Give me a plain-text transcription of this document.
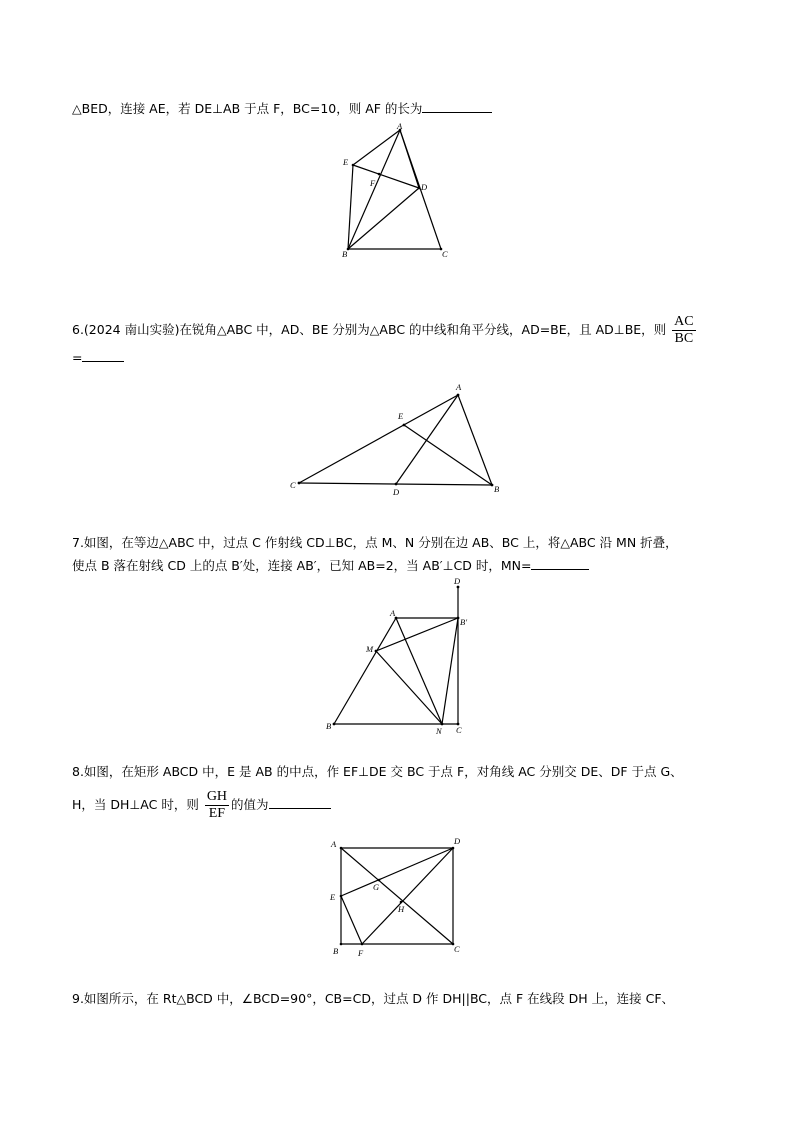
△BED，连接 AE，若 DE⊥AB 于点 F，BC=10，则 AF 的长为
A
E
F	D
B	C
6.(2024 南山实验)在锐角△ABC 中，AD、BE 分别为△ABC 的中线和角平分线，AD=BE，且 AD⊥BE，则 $\frac{AC}{BC}$
=
A
E
C
D	B
7.如图，在等边△ABC 中，过点 C 作射线 CD⊥BC，点 M、N 分别在边 AB、BC 上，将△ABC 沿 MN 折叠，
使点 B 落在射线 CD 上的点 B′处，连接 AB′，已知 AB=2，当 AB′⊥CD 时，MN=
D
A
B′
M
B	N C
8.如图，在矩形 ABCD 中，E 是 AB 的中点，作 EF⊥DE 交 BC 于点 F，对角线 AC 分别交 DE、DF 于点 G、
H，当 DH⊥AC 时，则 $\frac{GH}{EF}$ 的值为
A	D
G
E
H
B F	C
9.如图所示，在 Rt△BCD 中，∠BCD=90°，CB=CD，过点 D 作 DH||BC，点 F 在线段 DH 上，连接 CF、
